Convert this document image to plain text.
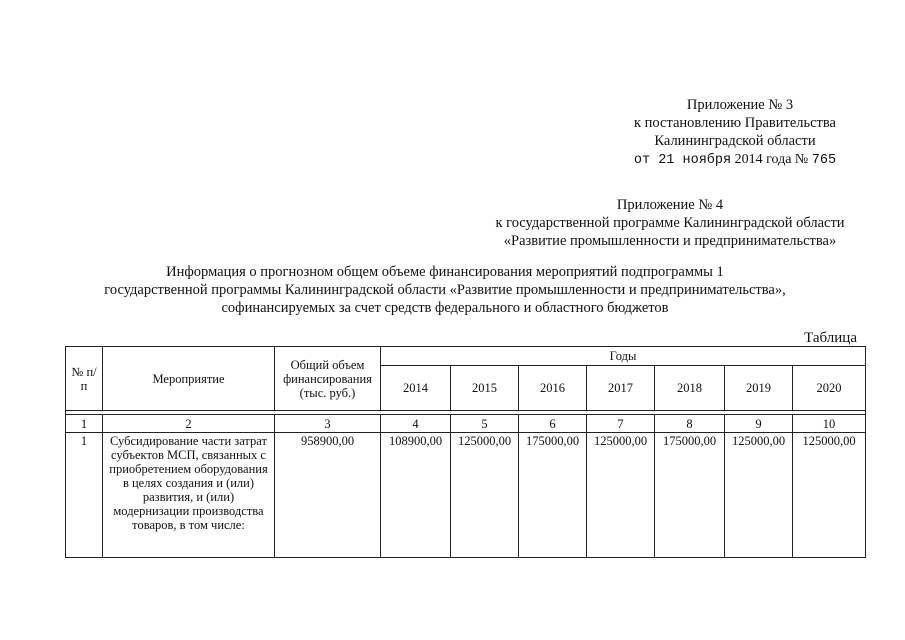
Приложение № 3
к постановлению Правительства
Калининградской области
от 21 ноября 2014 года № 765
Приложение № 4
к государственной программе Калининградской области
«Развитие промышленности и предпринимательства»
Информация о прогнозном общем объеме финансирования мероприятий подпрограммы 1
государственной программы Калининградской области «Развитие промышленности и предпринимательства»,
софинансируемых за счет средств федерального и областного бюджетов
Таблица
№ п/п	Мероприятие	Общий объем финансирования (тыс. руб.)	Годы						
			2014	2015	2016	2017	2018	2019	2020

1	2	3	4	5	6	7	8	9	10
1	Субсидирование части затрат субъектов МСП, связанных с приобретением оборудования в целях создания и (или) развития, и (или) модернизации производства товаров, в том числе:	958900,00	108900,00	125000,00	175000,00	125000,00	175000,00	125000,00	125000,00
